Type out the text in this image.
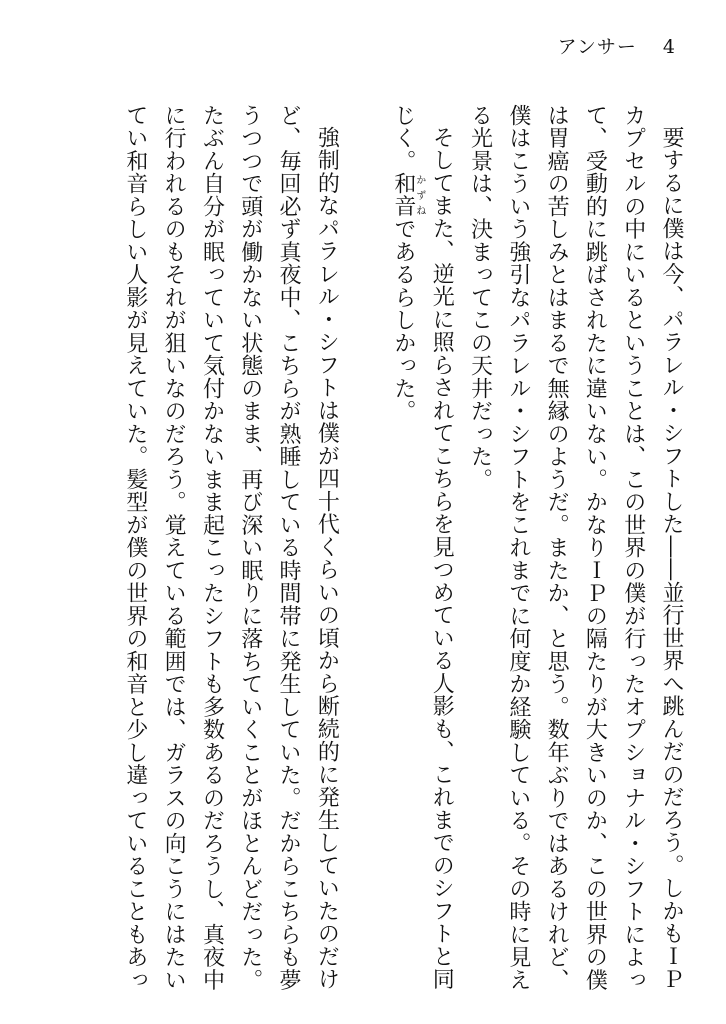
アンサー 4

要するに僕は今、パラレル・シフトした――並行世界へ跳んだのだろう。しかもＩＰカプセルの中にいるということは、この世界の僕が行ったオプショナル・シフトによって、受動的に跳ばされたに違いない。かなりＩＰの隔たりが大きいのか、この世界の僕は胃癌の苦しみとはまるで無縁のようだ。またか、と思う。数年ぶりではあるけれど、僕はこういう強引なパラレル・シフトをこれまでに何度か経験している。その時に見える光景は、決まってこの天井だった。

そしてまた、逆光に照らされてこちらを見つめている人影も、これまでのシフトと同じく。和音かずねであるらしかった。

強制的なパラレル・シフトは僕が四十代くらいの頃から断続的に発生していたのだけど、毎回必ず真夜中、こちらが熟睡している時間帯に発生していた。だからこちらも夢うつつで頭が働かない状態のまま、再び深い眠りに落ちていくことがほとんどだった。たぶん自分が眠っていて気付かないまま起こったシフトも多数あるのだろうし、真夜中に行われるのもそれが狙いなのだろう。覚えている範囲では、ガラスの向こうにはたいてい和音らしい人影が見えていた。髪型が僕の世界の和音と少し違っていることもあっ
